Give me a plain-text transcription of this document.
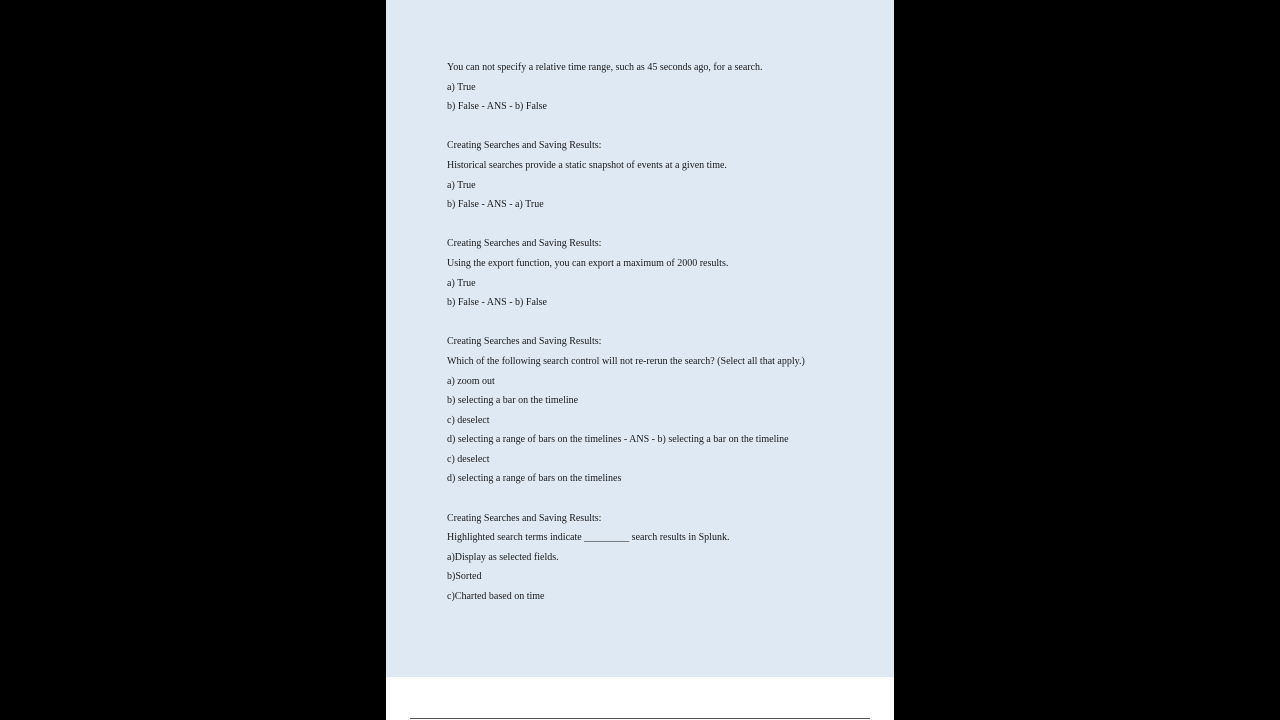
You can not specify a relative time range, such as 45 seconds ago, for a search.
a) True
b) False - ANS - b) False
Creating Searches and Saving Results:
Historical searches provide a static snapshot of events at a given time.
a) True
b) False - ANS - a) True
Creating Searches and Saving Results:
Using the export function, you can export a maximum of 2000 results.
a) True
b) False - ANS - b) False
Creating Searches and Saving Results:
Which of the following search control will not re-rerun the search? (Select all that apply.)
a) zoom out
b) selecting a bar on the timeline
c) deselect
d) selecting a range of bars on the timelines - ANS - b) selecting a bar on the timeline
c) deselect
d) selecting a range of bars on the timelines
Creating Searches and Saving Results:
Highlighted search terms indicate _________ search results in Splunk.
a)Display as selected fields.
b)Sorted
c)Charted based on time
